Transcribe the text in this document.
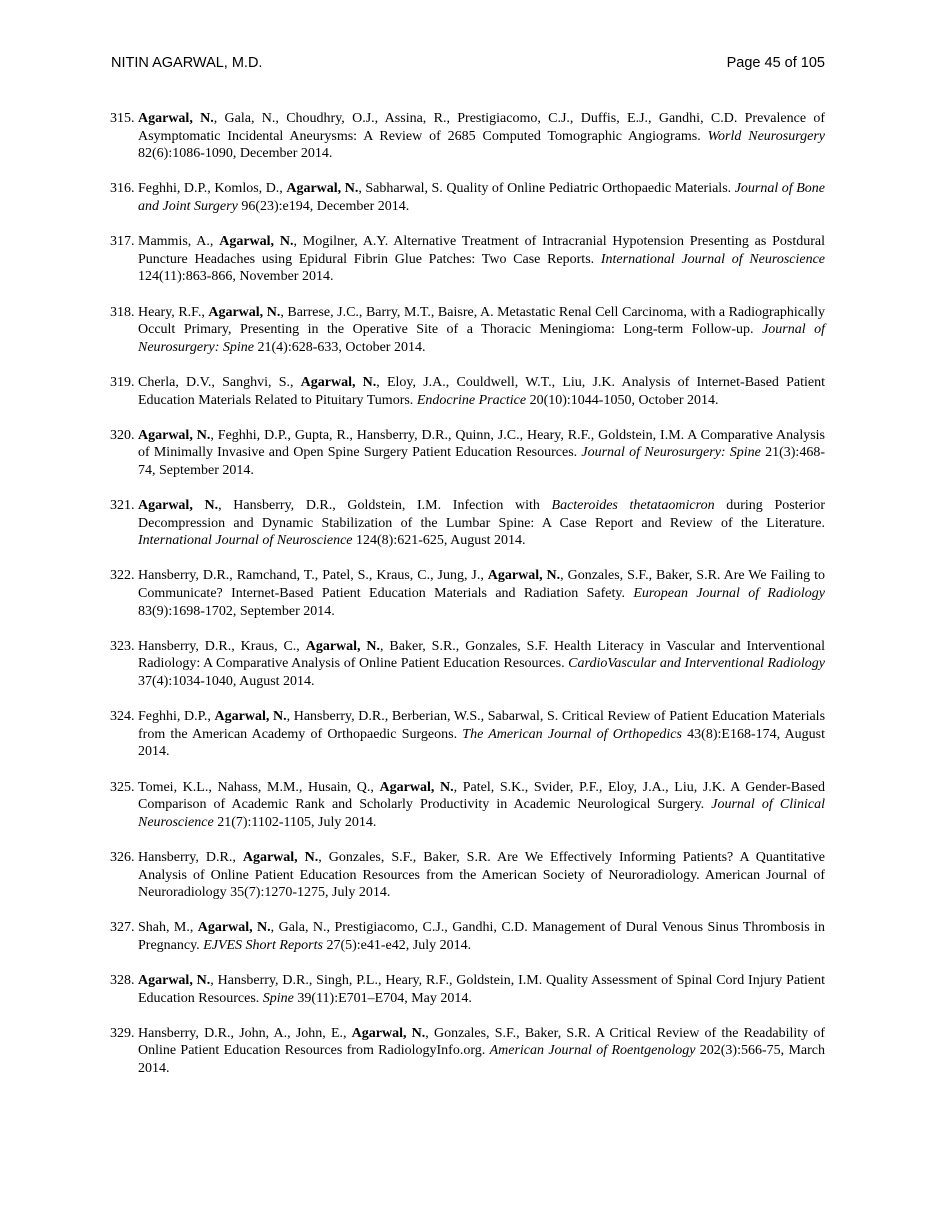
NITIN AGARWAL, M.D.	Page 45 of 105
315. Agarwal, N., Gala, N., Choudhry, O.J., Assina, R., Prestigiacomo, C.J., Duffis, E.J., Gandhi, C.D. Prevalence of Asymptomatic Incidental Aneurysms: A Review of 2685 Computed Tomographic Angiograms. World Neurosurgery 82(6):1086-1090, December 2014.
316. Feghhi, D.P., Komlos, D., Agarwal, N., Sabharwal, S. Quality of Online Pediatric Orthopaedic Materials. Journal of Bone and Joint Surgery 96(23):e194, December 2014.
317. Mammis, A., Agarwal, N., Mogilner, A.Y. Alternative Treatment of Intracranial Hypotension Presenting as Postdural Puncture Headaches using Epidural Fibrin Glue Patches: Two Case Reports. International Journal of Neuroscience 124(11):863-866, November 2014.
318. Heary, R.F., Agarwal, N., Barrese, J.C., Barry, M.T., Baisre, A. Metastatic Renal Cell Carcinoma, with a Radiographically Occult Primary, Presenting in the Operative Site of a Thoracic Meningioma: Long-term Follow-up. Journal of Neurosurgery: Spine 21(4):628-633, October 2014.
319. Cherla, D.V., Sanghvi, S., Agarwal, N., Eloy, J.A., Couldwell, W.T., Liu, J.K. Analysis of Internet-Based Patient Education Materials Related to Pituitary Tumors. Endocrine Practice 20(10):1044-1050, October 2014.
320. Agarwal, N., Feghhi, D.P., Gupta, R., Hansberry, D.R., Quinn, J.C., Heary, R.F., Goldstein, I.M. A Comparative Analysis of Minimally Invasive and Open Spine Surgery Patient Education Resources. Journal of Neurosurgery: Spine 21(3):468-74, September 2014.
321. Agarwal, N., Hansberry, D.R., Goldstein, I.M. Infection with Bacteroides thetataomicron during Posterior Decompression and Dynamic Stabilization of the Lumbar Spine: A Case Report and Review of the Literature. International Journal of Neuroscience 124(8):621-625, August 2014.
322. Hansberry, D.R., Ramchand, T., Patel, S., Kraus, C., Jung, J., Agarwal, N., Gonzales, S.F., Baker, S.R. Are We Failing to Communicate? Internet-Based Patient Education Materials and Radiation Safety. European Journal of Radiology 83(9):1698-1702, September 2014.
323. Hansberry, D.R., Kraus, C., Agarwal, N., Baker, S.R., Gonzales, S.F. Health Literacy in Vascular and Interventional Radiology: A Comparative Analysis of Online Patient Education Resources. CardioVascular and Interventional Radiology 37(4):1034-1040, August 2014.
324. Feghhi, D.P., Agarwal, N., Hansberry, D.R., Berberian, W.S., Sabarwal, S. Critical Review of Patient Education Materials from the American Academy of Orthopaedic Surgeons. The American Journal of Orthopedics 43(8):E168-174, August 2014.
325. Tomei, K.L., Nahass, M.M., Husain, Q., Agarwal, N., Patel, S.K., Svider, P.F., Eloy, J.A., Liu, J.K. A Gender-Based Comparison of Academic Rank and Scholarly Productivity in Academic Neurological Surgery. Journal of Clinical Neuroscience 21(7):1102-1105, July 2014.
326. Hansberry, D.R., Agarwal, N., Gonzales, S.F., Baker, S.R. Are We Effectively Informing Patients? A Quantitative Analysis of Online Patient Education Resources from the American Society of Neuroradiology. American Journal of Neuroradiology 35(7):1270-1275, July 2014.
327. Shah, M., Agarwal, N., Gala, N., Prestigiacomo, C.J., Gandhi, C.D. Management of Dural Venous Sinus Thrombosis in Pregnancy. EJVES Short Reports 27(5):e41-e42, July 2014.
328. Agarwal, N., Hansberry, D.R., Singh, P.L., Heary, R.F., Goldstein, I.M. Quality Assessment of Spinal Cord Injury Patient Education Resources. Spine 39(11):E701–E704, May 2014.
329. Hansberry, D.R., John, A., John, E., Agarwal, N., Gonzales, S.F., Baker, S.R. A Critical Review of the Readability of Online Patient Education Resources from RadiologyInfo.org. American Journal of Roentgenology 202(3):566-75, March 2014.
